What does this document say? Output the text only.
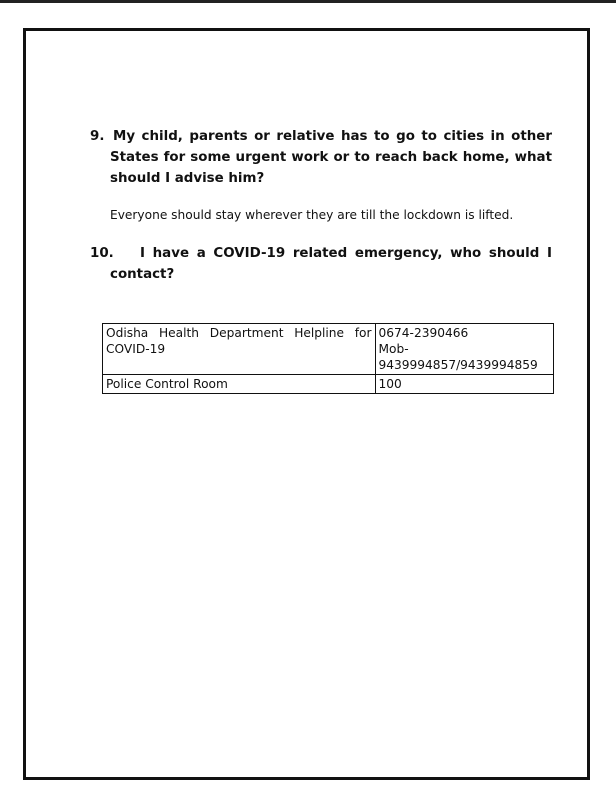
9. My child, parents or relative has to go to cities in other
States for some urgent work or to reach back home, what
should I advise him?
Everyone should stay wherever they are till the lockdown is lifted.
10.	I have a COVID-19 related emergency, who should I
contact?
Odisha Health Department Helpline for
COVID-19	0674-2390466
Mob-
9439994857/9439994859

Police Control Room	100
